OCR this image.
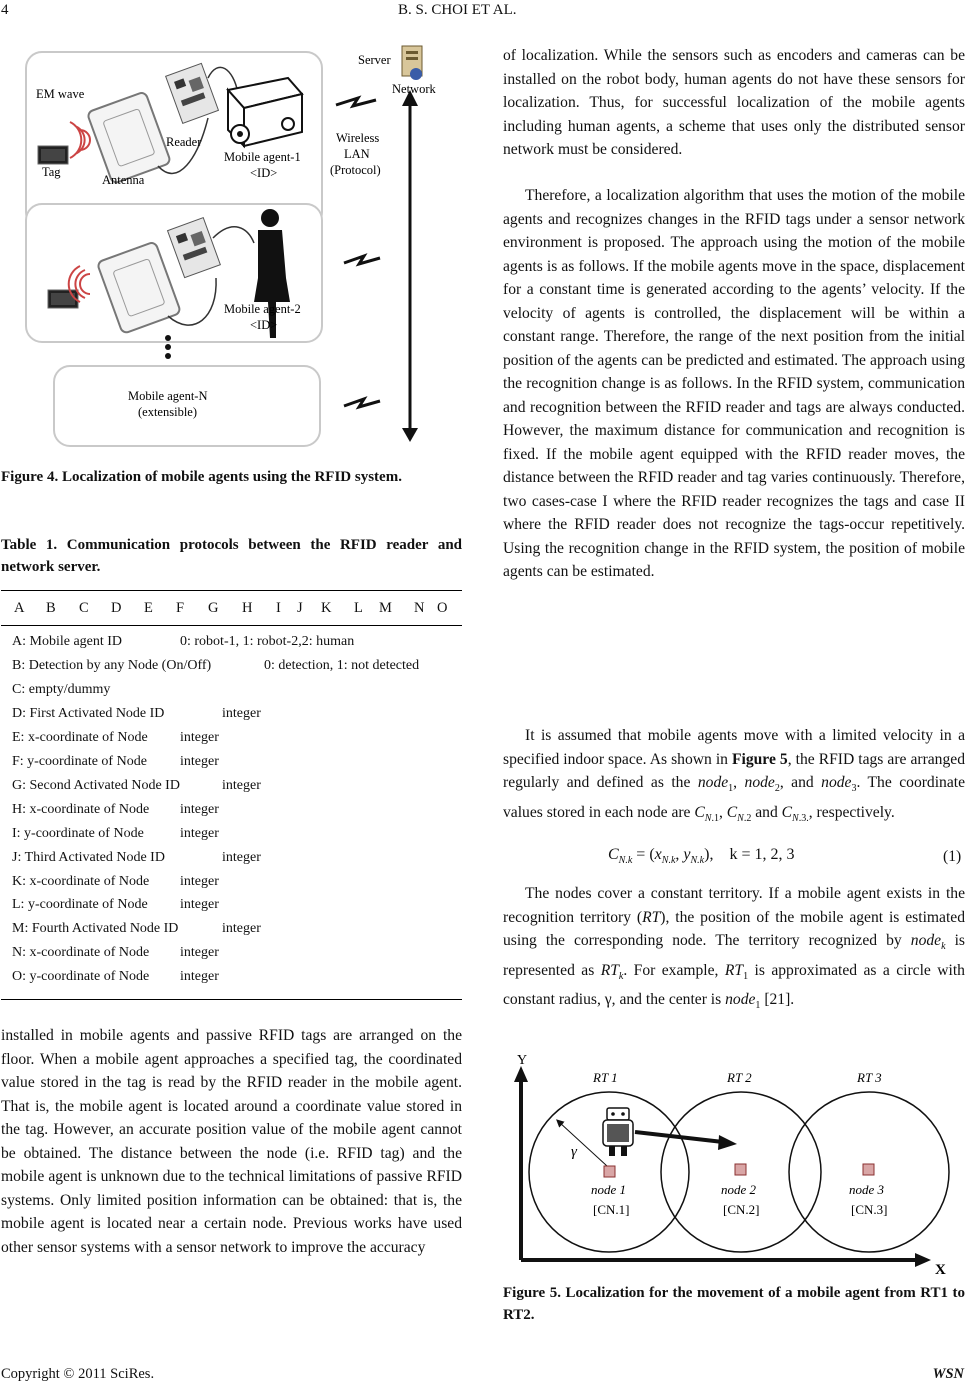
4	B. S. CHOI ET AL.
Server
Network
EM wave
Reader
Tag
Antenna
Mobile agent-1
<ID>
Wireless
LAN
(Protocol)
Mobile agent-2
<ID>
Mobile agent-N
(extensible)
Figure 4. Localization of mobile agents using the RFID system.
Table 1. Communication protocols between the RFID reader and network server.
A B C D E F G H I J K L M N O
A: Mobile agent ID	0: robot-1, 1: robot-2,2: human
B: Detection by any Node (On/Off)	0: detection, 1: not detected
C: empty/dummy
D: First Activated Node ID	integer
E: x-coordinate of Node integer
F: y-coordinate of Node integer
G: Second Activated Node ID	integer
H: x-coordinate of Node integer
I: y-coordinate of Node	integer
J: Third Activated Node ID	integer
K: x-coordinate of Node integer
L: y-coordinate of Node integer
M: Fourth Activated Node ID	integer
N: x-coordinate of Node integer
O: y-coordinate of Node integer

installed in mobile agents and passive RFID tags are arranged on the floor. When a mobile agent approaches a specified tag, the coordinated value stored in the tag is read by the RFID reader in the mobile agent. That is, the mobile agent is located around a coordinate value stored in the tag. However, an accurate position value of the mobile agent cannot be obtained. The distance between the node (i.e. RFID tag) and the mobile agent is unknown due to the technical limitations of passive RFID systems. Only limited position information can be obtained: that is, the mobile agent is located near a certain node. Previous works have used other sensor systems with a sensor network to improve the accuracy

of localization. While the sensors such as encoders and cameras can be installed on the robot body, human agents do not have these sensors for localization. Thus, for successful localization of the mobile agents including human agents, a scheme that uses only the distributed sensor network must be considered.

Therefore, a localization algorithm that uses the motion of the mobile agents and recognizes changes in the RFID tags under a sensor network environment is proposed. The approach using the motion of the mobile agents is as follows. If the mobile agents move in the space, displacement for a constant time is generated according to the agents’ velocity. If the velocity of agents is controlled, the displacement will be within a constant range. Therefore, the range of the next position from the initial position of the agents can be predicted and estimated. The approach using the recognition change is as follows. In the RFID system, communication and recognition between the RFID reader and tags are always conducted. However, the maximum distance for communication and recognition is fixed. If the mobile agent equipped with the RFID reader moves, the distance between the RFID reader and tag varies continuously. Therefore, two cases-case I where the RFID reader recognizes the tags and case II where the RFID reader does not recognize the tags-occur repetitively. Using the recognition change in the RFID system, the position of mobile agents can be estimated.

It is assumed that mobile agents move with a limited velocity in a specified indoor space. As shown in Figure 5, the RFID tags are arranged regularly and defined as the node$_1$, node$_2$, and node$_3$. The coordinate values stored in each node are $C_{N.1}$, $C_{N.2}$ and $C_{N.3.}$, respectively.

$C_{N.k} = (x_{N.k}$, $y_{N.k}$),    k = 1, 2, 3	(1)

The nodes cover a constant territory. If a mobile agent exists in the recognition territory (RT), the position of the mobile agent is estimated using the corresponding node. The territory recognized by node$_k$ is represented as $RT_k$. For example, $RT_1$ is approximated as a circle with constant radius, γ, and the center is node$_1$ [21].

Y
X
γ
RT 1	RT 2	RT 3
node 1	node 2	node 3
[CN.1]	[CN.2]	[CN.3]
Figure 5. Localization for the movement of a mobile agent from RT1 to RT2.
Copyright © 2011 SciRes.	WSN
